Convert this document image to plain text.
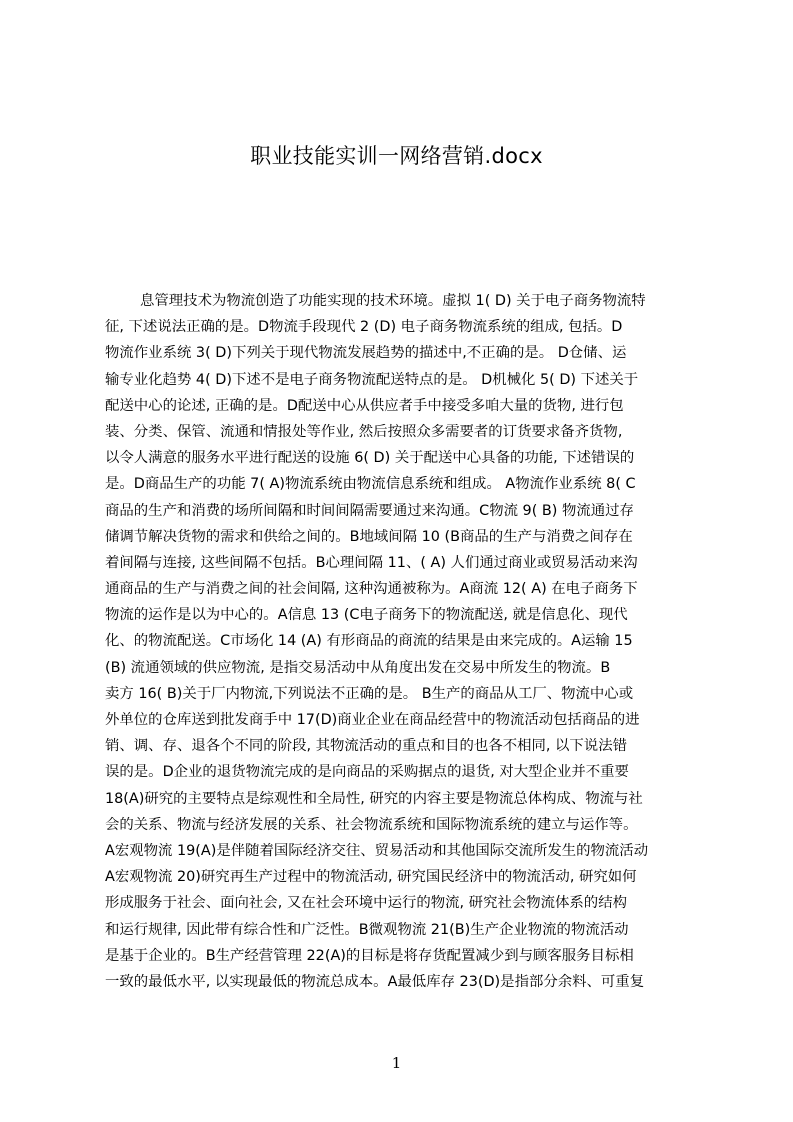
职业技能实训一网络营销.docx
息管理技术为物流创造了功能实现的技术环境。虚拟 1( D) 关于电子商务物流特
征, 下述说法正确的是。D物流手段现代 2 (D) 电子商务物流系统的组成, 包括。D
物流作业系统 3( D)下列关于现代物流发展趋势的描述中,不正确的是。 D仓储、运
输专业化趋势 4( D)下述不是电子商务物流配送特点的是。 D机械化 5( D) 下述关于
配送中心的论述, 正确的是。D配送中心从供应者手中接受多咱大量的货物, 进行包
装、分类、保管、流通和情报处等作业, 然后按照众多需要者的订货要求备齐货物,
以令人满意的服务水平进行配送的设施 6( D) 关于配送中心具备的功能, 下述错误的
是。D商品生产的功能 7( A)物流系统由物流信息系统和组成。 A物流作业系统 8( C
商品的生产和消费的场所间隔和时间间隔需要通过来沟通。C物流 9( B) 物流通过存
储调节解决货物的需求和供给之间的。B地域间隔 10 (B商品的生产与消费之间存在
着间隔与连接, 这些间隔不包括。B心理间隔 11、( A) 人们通过商业或贸易活动来沟
通商品的生产与消费之间的社会间隔, 这种沟通被称为。A商流 12( A) 在电子商务下
物流的运作是以为中心的。A信息 13 (C电子商务下的物流配送, 就是信息化、现代
化、的物流配送。C市场化 14 (A) 有形商品的商流的结果是由来完成的。A运输 15
(B) 流通领域的供应物流, 是指交易活动中从角度出发在交易中所发生的物流。B
卖方 16( B)关于厂内物流,下列说法不正确的是。 B生产的商品从工厂、物流中心或
外单位的仓库送到批发商手中 17(D)商业企业在商品经营中的物流活动包括商品的进
销、调、存、退各个不同的阶段, 其物流活动的重点和目的也各不相同, 以下说法错
误的是。D企业的退货物流完成的是向商品的采购据点的退货, 对大型企业并不重要
18(A)研究的主要特点是综观性和全局性, 研究的内容主要是物流总体构成、物流与社
会的关系、物流与经济发展的关系、社会物流系统和国际物流系统的建立与运作等。
A宏观物流 19(A)是伴随着国际经济交往、贸易活动和其他国际交流所发生的物流活动
A宏观物流 20)研究再生产过程中的物流活动, 研究国民经济中的物流活动, 研究如何
形成服务于社会、面向社会, 又在社会环境中运行的物流, 研究社会物流体系的结构
和运行规律, 因此带有综合性和广泛性。B微观物流 21(B)生产企业物流的物流活动
是基于企业的。B生产经营管理 22(A)的目标是将存货配置减少到与顾客服务目标相
一致的最低水平, 以实现最低的物流总成本。A最低库存 23(D)是指部分余料、可重复
1
